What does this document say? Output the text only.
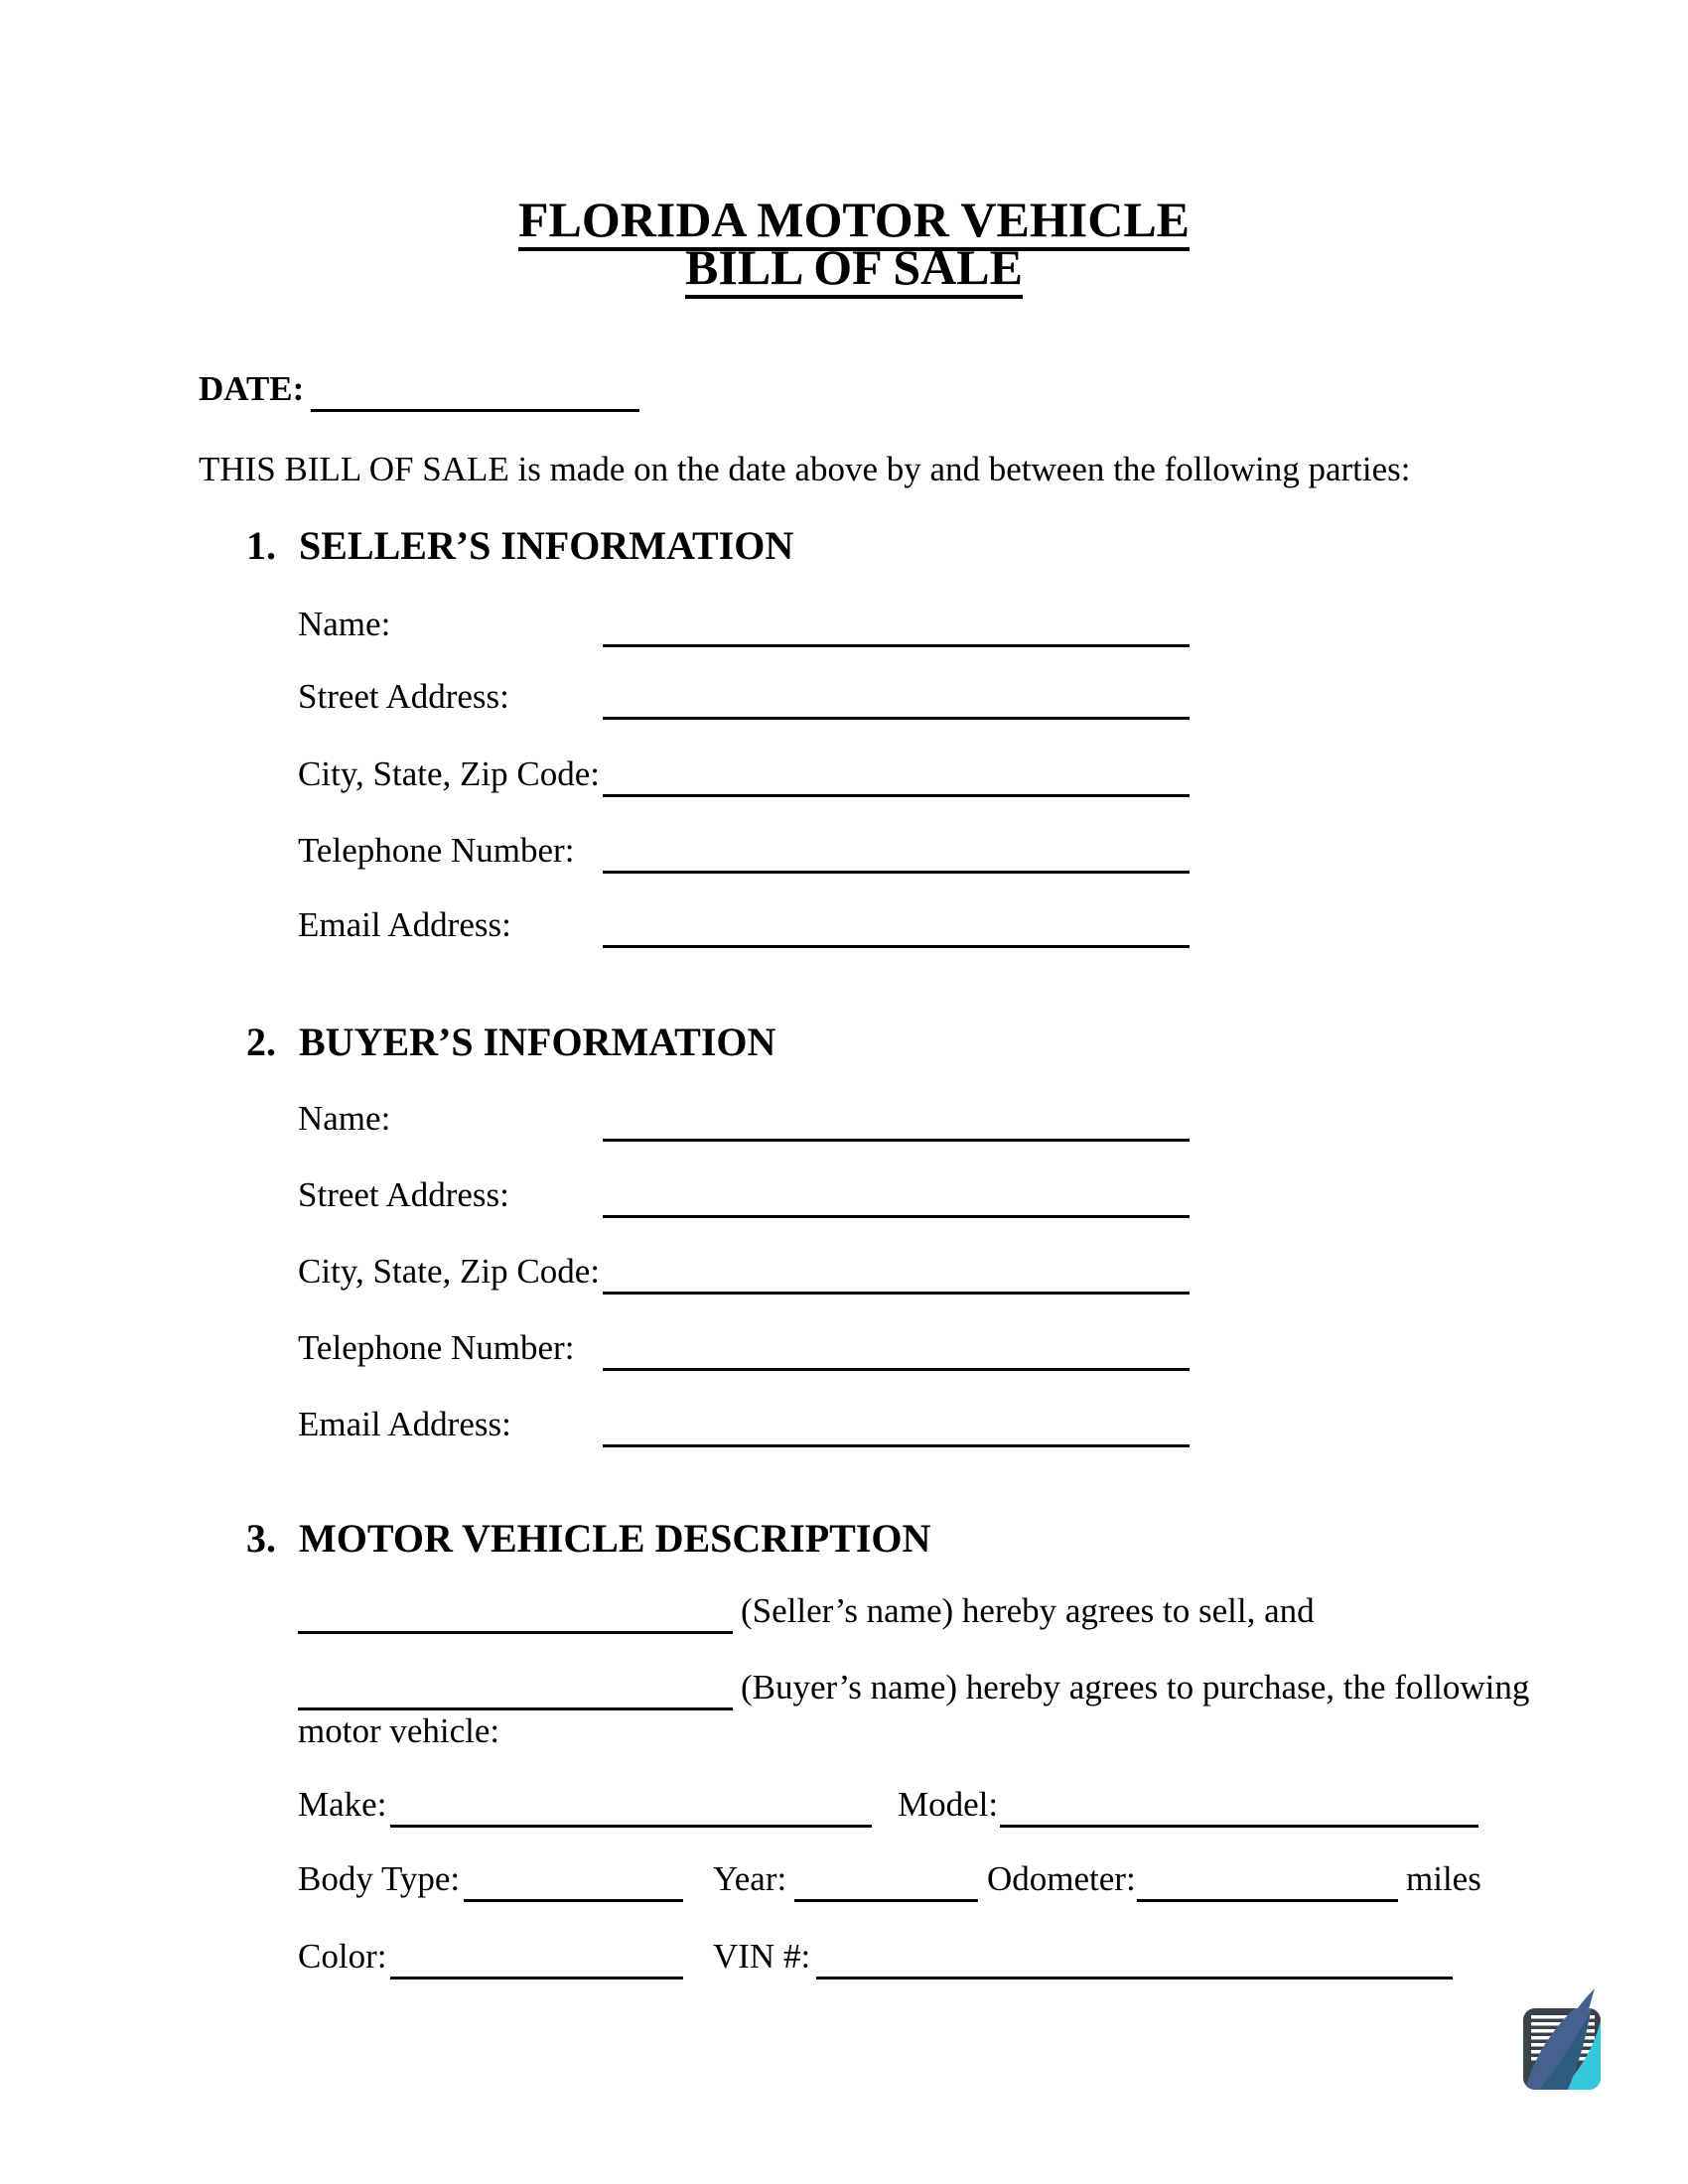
FLORIDA MOTOR VEHICLE
BILL OF SALE
DATE:
THIS BILL OF SALE is made on the date above by and between the following parties:
1. SELLER’S INFORMATION
Name:
Street Address:
City, State, Zip Code:
Telephone Number:
Email Address:
2. BUYER’S INFORMATION
Name:
Street Address:
City, State, Zip Code:
Telephone Number:
Email Address:
3. MOTOR VEHICLE DESCRIPTION
(Seller’s name) hereby agrees to sell, and
(Buyer’s name) hereby agrees to purchase, the following
motor vehicle:
Make:	Model:
Body Type:	Year:	Odometer:	miles
Color:	VIN #:
